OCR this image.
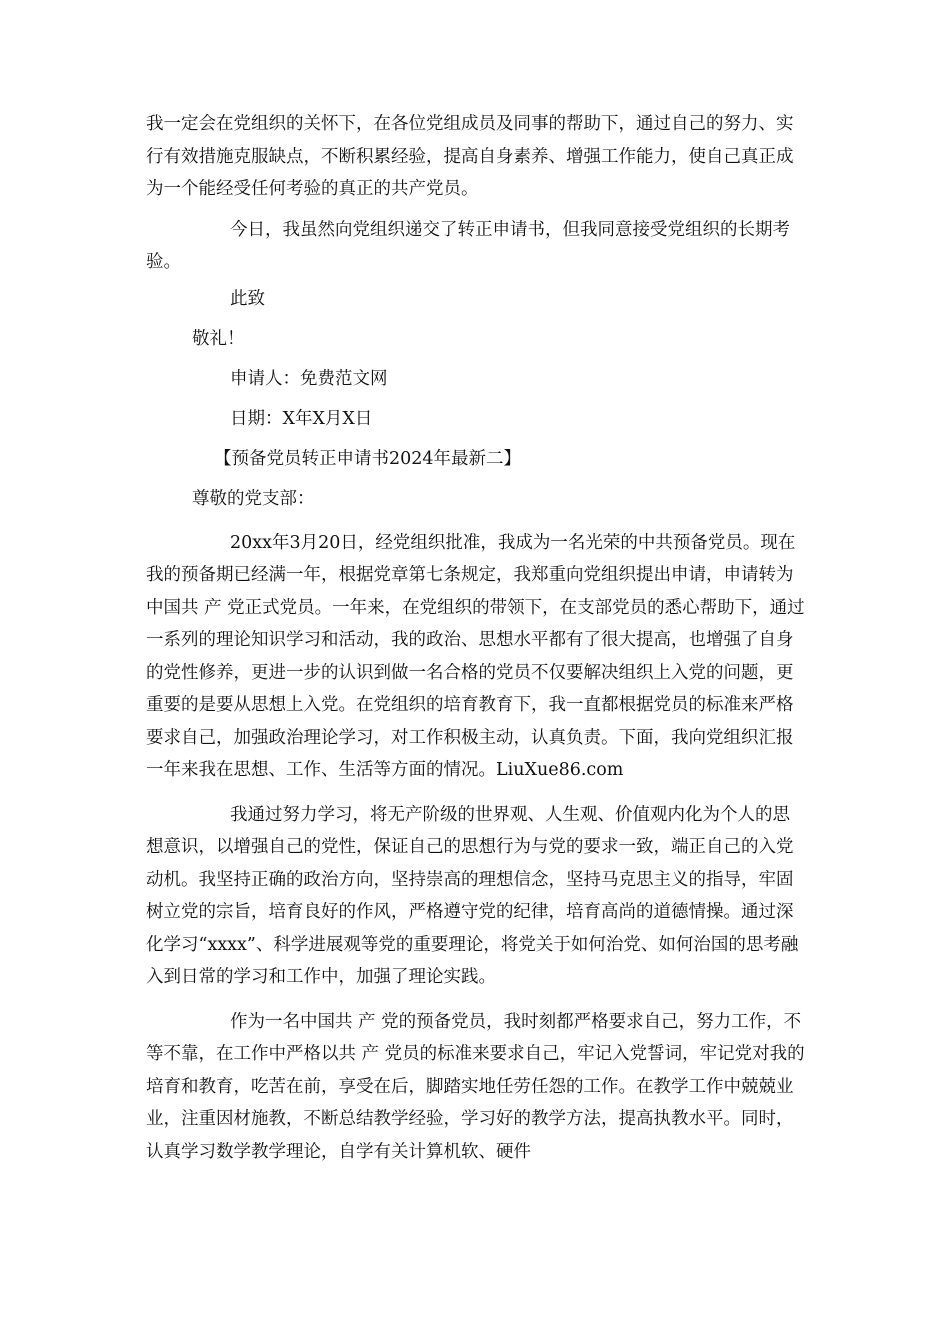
我一定会在党组织的关怀下，在各位党组成员及同事的帮助下，通过自己的努力、实行有效措施克服缺点，不断积累经验，提高自身素养、增强工作能力，使自己真正成为一个能经受任何考验的真正的共产党员。

今日，我虽然向党组织递交了转正申请书，但我同意接受党组织的长期考验。

此致

敬礼！

申请人：免费范文网

日期：X年X月X日

【预备党员转正申请书2024年最新二】

尊敬的党支部：

20xx年3月20日，经党组织批准，我成为一名光荣的中共预备党员。现在我的预备期已经满一年，根据党章第七条规定，我郑重向党组织提出申请，申请转为中国共 产 党正式党员。一年来，在党组织的带领下，在支部党员的悉心帮助下，通过一系列的理论知识学习和活动，我的政治、思想水平都有了很大提高，也增强了自身的党性修养，更进一步的认识到做一名合格的党员不仅要解决组织上入党的问题，更重要的是要从思想上入党。在党组织的培育教育下，我一直都根据党员的标准来严格要求自己，加强政治理论学习，对工作积极主动，认真负责。下面，我向党组织汇报一年来我在思想、工作、生活等方面的情况。LiuXue86.com

我通过努力学习，将无产阶级的世界观、人生观、价值观内化为个人的思想意识，以增强自己的党性，保证自己的思想行为与党的要求一致，端正自己的入党动机。我坚持正确的政治方向，坚持崇高的理想信念，坚持马克思主义的指导，牢固树立党的宗旨，培育良好的作风，严格遵守党的纪律，培育高尚的道德情操。通过深化学习“xxxx”、科学进展观等党的重要理论，将党关于如何治党、如何治国的思考融入到日常的学习和工作中，加强了理论实践。

作为一名中国共 产 党的预备党员，我时刻都严格要求自己，努力工作，不等不靠，在工作中严格以共 产 党员的标准来要求自己，牢记入党誓词，牢记党对我的培育和教育，吃苦在前，享受在后，脚踏实地任劳任怨的工作。在教学工作中兢兢业业，注重因材施教，不断总结教学经验，学习好的教学方法，提高执教水平。同时，认真学习数学教学理论，自学有关计算机软、硬件
